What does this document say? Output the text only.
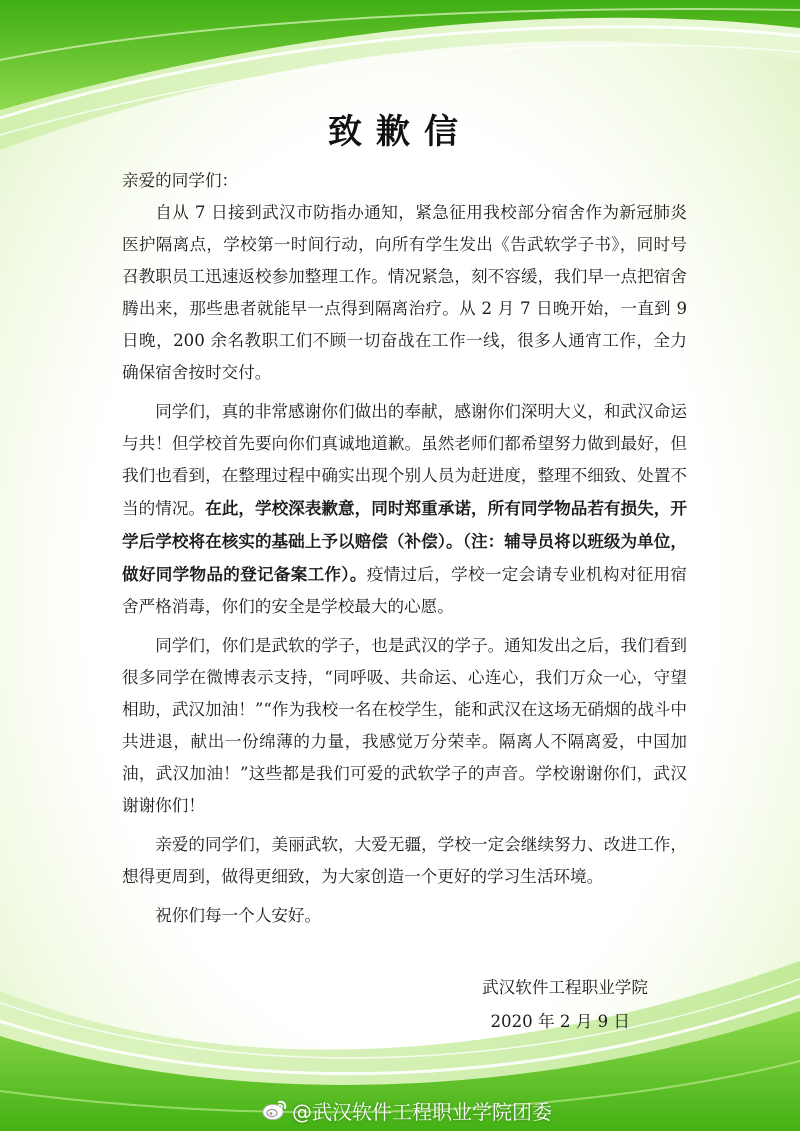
致歉信

亲爱的同学们：

自从 7 日接到武汉市防指办通知，紧急征用我校部分宿舍作为新冠肺炎医护隔离点，学校第一时间行动，向所有学生发出《告武软学子书》，同时号召教职员工迅速返校参加整理工作。情况紧急，刻不容缓，我们早一点把宿舍腾出来，那些患者就能早一点得到隔离治疗。从 2 月 7 日晚开始，一直到 9 日晚，200 余名教职工们不顾一切奋战在工作一线，很多人通宵工作，全力确保宿舍按时交付。

同学们，真的非常感谢你们做出的奉献，感谢你们深明大义，和武汉命运与共！但学校首先要向你们真诚地道歉。虽然老师们都希望努力做到最好，但我们也看到，在整理过程中确实出现个别人员为赶进度，整理不细致、处置不当的情况。在此，学校深表歉意，同时郑重承诺，所有同学物品若有损失，开学后学校将在核实的基础上予以赔偿（补偿）。（注：辅导员将以班级为单位，做好同学物品的登记备案工作）。疫情过后，学校一定会请专业机构对征用宿舍严格消毒，你们的安全是学校最大的心愿。

同学们，你们是武软的学子，也是武汉的学子。通知发出之后，我们看到很多同学在微博表示支持，“同呼吸、共命运、心连心，我们万众一心，守望相助，武汉加油！”“作为我校一名在校学生，能和武汉在这场无硝烟的战斗中共进退，献出一份绵薄的力量，我感觉万分荣幸。隔离人不隔离爱，中国加油，武汉加油！”这些都是我们可爱的武软学子的声音。学校谢谢你们，武汉谢谢你们！

亲爱的同学们，美丽武软，大爱无疆，学校一定会继续努力、改进工作，想得更周到，做得更细致，为大家创造一个更好的学习生活环境。

祝你们每一个人安好。

武汉软件工程职业学院
2020 年 2 月 9 日
@武汉软件工程职业学院团委
